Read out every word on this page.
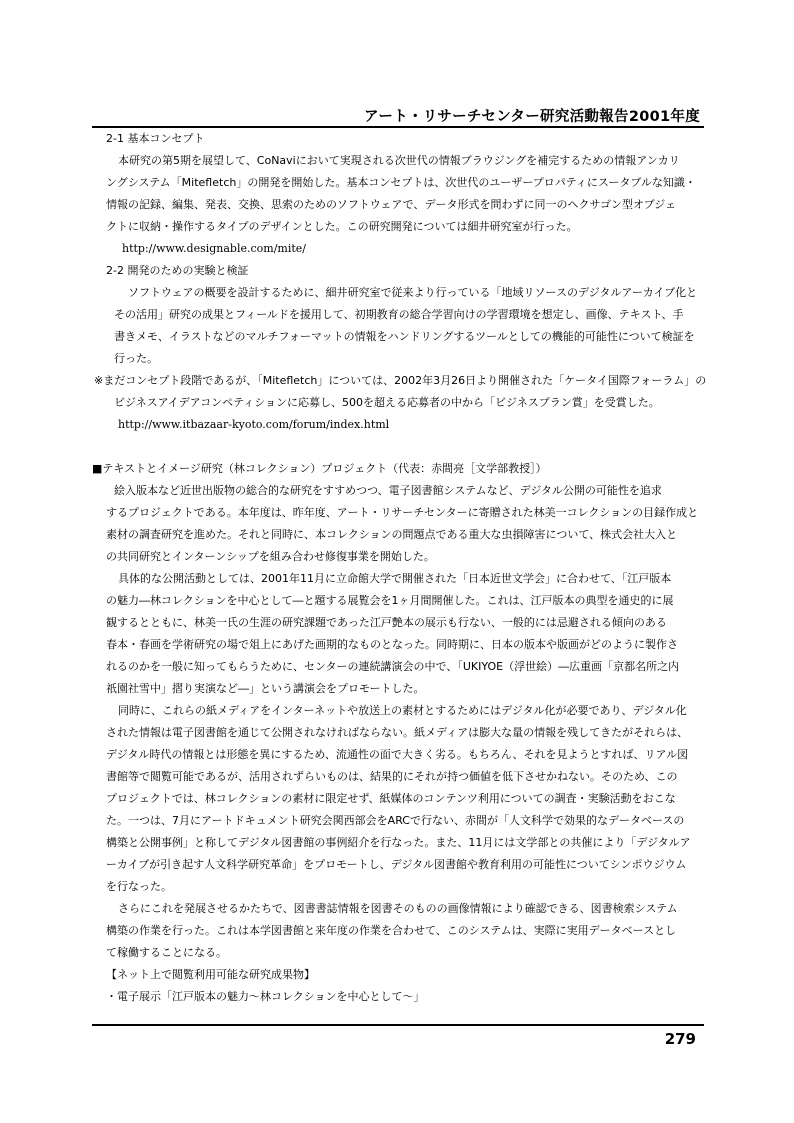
アート・リサーチセンター研究活動報告2001年度
2-1 基本コンセプト
本研究の第5期を展望して、CoNaviにおいて実現される次世代の情報ブラウジングを補完するための情報アンカリ
ングシステム「Mitefletch」の開発を開始した。基本コンセプトは、次世代のユーザープロパティにスータブルな知識・
情報の記録、編集、発表、交換、思索のためのソフトウェアで、データ形式を問わずに同一のヘクサゴン型オブジェ
クトに収納・操作するタイプのデザインとした。この研究開発については細井研究室が行った。
http://www.designable.com/mite/
2-2 開発のための実験と検証
ソフトウェアの概要を設計するために、細井研究室で従来より行っている「地域リソースのデジタルアーカイブ化と
その活用」研究の成果とフィールドを援用して、初期教育の総合学習向けの学習環境を想定し、画像、テキスト、手
書きメモ、イラストなどのマルチフォーマットの情報をハンドリングするツールとしての機能的可能性について検証を
行った。
※まだコンセプト段階であるが、「Mitefletch」については、2002年3月26日より開催された「ケータイ国際フォーラム」の
ビジネスアイデアコンペティションに応募し、500を超える応募者の中から「ビジネスプラン賞」を受賞した。
http://www.itbazaar-kyoto.com/forum/index.html
■テキストとイメージ研究（林コレクション）プロジェクト（代表：赤間亮［文学部教授］）
絵入版本など近世出版物の総合的な研究をすすめつつ、電子図書館システムなど、デジタル公開の可能性を追求
するプロジェクトである。本年度は、昨年度、アート・リサーチセンターに寄贈された林美一コレクションの目録作成と
素材の調査研究を進めた。それと同時に、本コレクションの問題点である重大な虫損障害について、株式会社大入と
の共同研究とインターンシップを組み合わせ修復事業を開始した。
具体的な公開活動としては、2001年11月に立命館大学で開催された「日本近世文学会」に合わせて、「江戸版本
の魅力―林コレクションを中心として―と題する展覧会を1ヶ月間開催した。これは、江戸版本の典型を通史的に展
観するとともに、林美一氏の生涯の研究課題であった江戸艶本の展示も行ない、一般的には忌避される傾向のある
春本・春画を学術研究の場で俎上にあげた画期的なものとなった。同時期に、日本の版本や版画がどのように製作さ
れるのかを一般に知ってもらうために、センターの連続講演会の中で、「UKIYOE（浮世絵）―広重画「京都名所之内
祇園社雪中」摺り実演など―」という講演会をプロモートした。
同時に、これらの紙メディアをインターネットや放送上の素材とするためにはデジタル化が必要であり、デジタル化
された情報は電子図書館を通じて公開されなければならない。紙メディアは膨大な量の情報を残してきたがそれらは、
デジタル時代の情報とは形態を異にするため、流通性の面で大きく劣る。もちろん、それを見ようとすれば、リアル図
書館等で閲覧可能であるが、活用されずらいものは、結果的にそれが持つ価値を低下させかねない。そのため、この
プロジェクトでは、林コレクションの素材に限定せず、紙媒体のコンテンツ利用についての調査・実験活動をおこな
た。一つは、7月にアートドキュメント研究会関西部会をARCで行ない、赤間が「人文科学で効果的なデータベースの
構築と公開事例」と称してデジタル図書館の事例紹介を行なった。また、11月には文学部との共催により「デジタルア
ーカイブが引き起す人文科学研究革命」をプロモートし、デジタル図書館や教育利用の可能性についてシンポウジウム
を行なった。
さらにこれを発展させるかたちで、図書書誌情報を図書そのものの画像情報により確認できる、図書検索システム
構築の作業を行った。これは本学図書館と来年度の作業を合わせて、このシステムは、実際に実用データベースとし
て稼働することになる。
【ネット上で閲覧利用可能な研究成果物】
・電子展示「江戸版本の魅力～林コレクションを中心として～」
279
